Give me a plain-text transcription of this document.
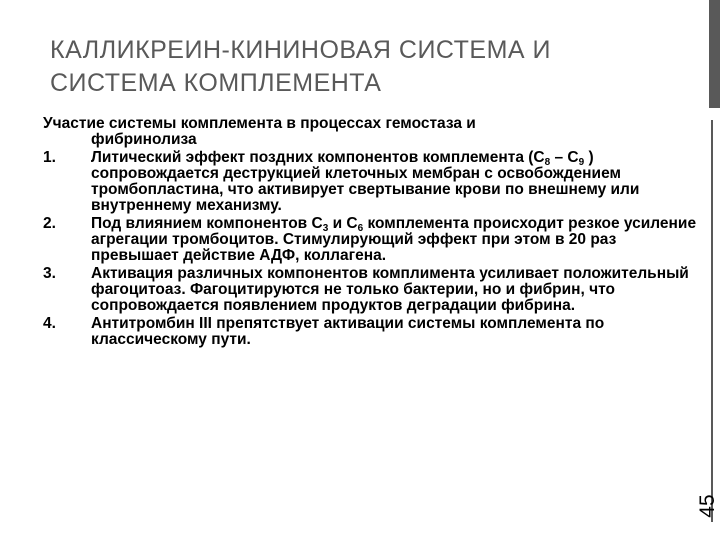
КАЛЛИКРЕИН-КИНИНОВАЯ СИСТЕМА И
СИСТЕМА КОМПЛЕМЕНТА
Участие системы комплемента в процессах гемостаза и
фибринолиза
1.	Литический эффект поздних компонентов комплемента ($С_8 - С_9$ ) сопровождается деструкцией клеточных мембран с освобождением тромбопластина, что активирует свертывание крови по внешнему или внутреннему механизму.
2.	Под влиянием компонентов $С_3$ и $С_6$ комплемента происходит резкое усиление агрегации тромбоцитов. Стимулирующий эффект при этом в 20 раз превышает действие АДФ, коллагена.
3.	Активация различных компонентов комплимента усиливает положительный фагоцитоаз. Фагоцитируются не только бактерии, но и фибрин, что сопровождается появлением продуктов деградации фибрина.
4.	Антитромбин III препятствует активации системы комплемента по классическому пути.
45
